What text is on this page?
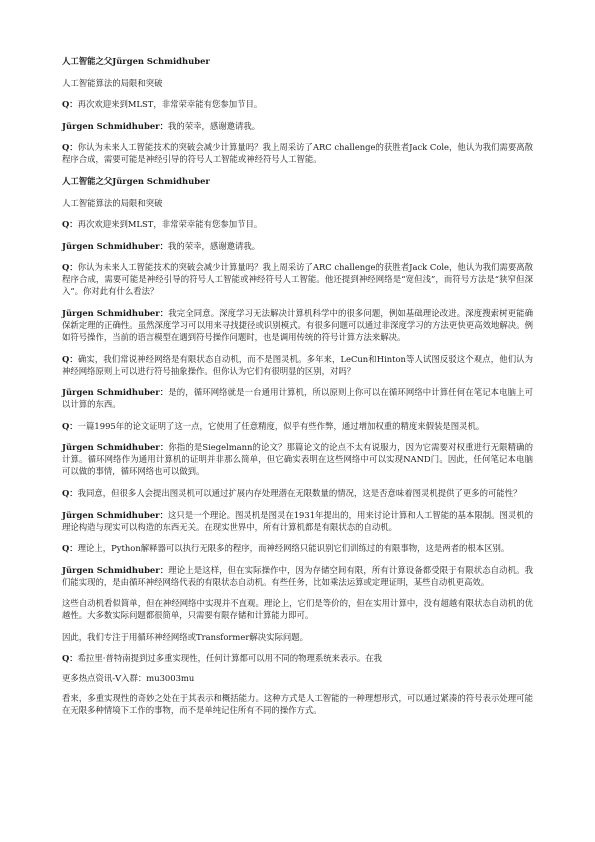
人工智能之父Jürgen Schmidhuber

人工智能算法的局限和突破

Q：再次欢迎来到MLST，非常荣幸能有您参加节目。

Jürgen Schmidhuber：我的荣幸，感谢邀请我。

Q：你认为未来人工智能技术的突破会减少计算量吗？我上周采访了ARC challenge的获胜者Jack Cole，他认为我们需要离散程序合成，需要可能是神经引导的符号人工智能或神经符号人工智能。

人工智能之父Jürgen Schmidhuber

人工智能算法的局限和突破

Q：再次欢迎来到MLST，非常荣幸能有您参加节目。

Jürgen Schmidhuber：我的荣幸，感谢邀请我。

Q：你认为未来人工智能技术的突破会减少计算量吗？我上周采访了ARC challenge的获胜者Jack Cole，他认为我们需要离散程序合成，需要可能是神经引导的符号人工智能或神经符号人工智能。他还提到神经网络是“宽但浅”，而符号方法是“狭窄但深入”。你对此有什么看法？

Jürgen Schmidhuber：我完全同意。深度学习无法解决计算机科学中的很多问题，例如基础理论改进。深度搜索树更能确保新定理的正确性。虽然深度学习可以用来寻找捷径或识别模式。有很多问题可以通过非深度学习的方法更快更高效地解决。例如符号操作，当前的语言模型在遇到符号操作问题时，也是调用传统的符号计算方法来解决。

Q：确实，我们常说神经网络是有限状态自动机，而不是图灵机。多年来，LeCun和Hinton等人试图反驳这个观点，他们认为神经网络原则上可以进行符号抽象操作。但你认为它们有很明显的区别，对吗？

Jürgen Schmidhuber：是的，循环网络就是一台通用计算机，所以原则上你可以在循环网络中计算任何在笔记本电脑上可以计算的东西。

Q：一篇1995年的论文证明了这一点，它使用了任意精度，似乎有些作弊，通过增加权重的精度来假装是图灵机。

Jürgen Schmidhuber：你指的是Siegelmann的论文？那篇论文的论点不太有说服力，因为它需要对权重进行无限精确的计算。循环网络作为通用计算机的证明并非那么简单，但它确实表明在这些网络中可以实现NAND门。因此，任何笔记本电脑可以做的事情，循环网络也可以做到。

Q：我同意，但很多人会提出图灵机可以通过扩展内存处理潜在无限数量的情况，这是否意味着图灵机提供了更多的可能性？

Jürgen Schmidhuber：这只是一个理论。图灵机是图灵在1931年提出的，用来讨论计算和人工智能的基本限制。图灵机的理论构造与现实可以构造的东西无关。在现实世界中，所有计算机都是有限状态的自动机。

Q：理论上，Python解释器可以执行无限多的程序，而神经网络只能识别它们训练过的有限事物，这是两者的根本区别。

Jürgen Schmidhuber：理论上是这样，但在实际操作中，因为存储空间有限，所有计算设备都受限于有限状态自动机。我们能实现的，是由循环神经网络代表的有限状态自动机。有些任务，比如乘法运算或定理证明，某些自动机更高效。

这些自动机看似简单，但在神经网络中实现并不直观。理论上，它们是等价的，但在实用计算中，没有超越有限状态自动机的优越性。大多数实际问题都很简单，只需要有限存储和计算能力即可。

因此，我们专注于用循环神经网络或Transformer解决实际问题。

Q：希拉里·普特南提到过多重实现性，任何计算都可以用不同的物理系统来表示。在我

更多热点资讯-V入群：mu3003mu

看来，多重实现性的奇妙之处在于其表示和概括能力。这种方式是人工智能的一种理想形式，可以通过紧凑的符号表示处理可能在无限多种情境下工作的事物，而不是单纯记住所有不同的操作方式。
